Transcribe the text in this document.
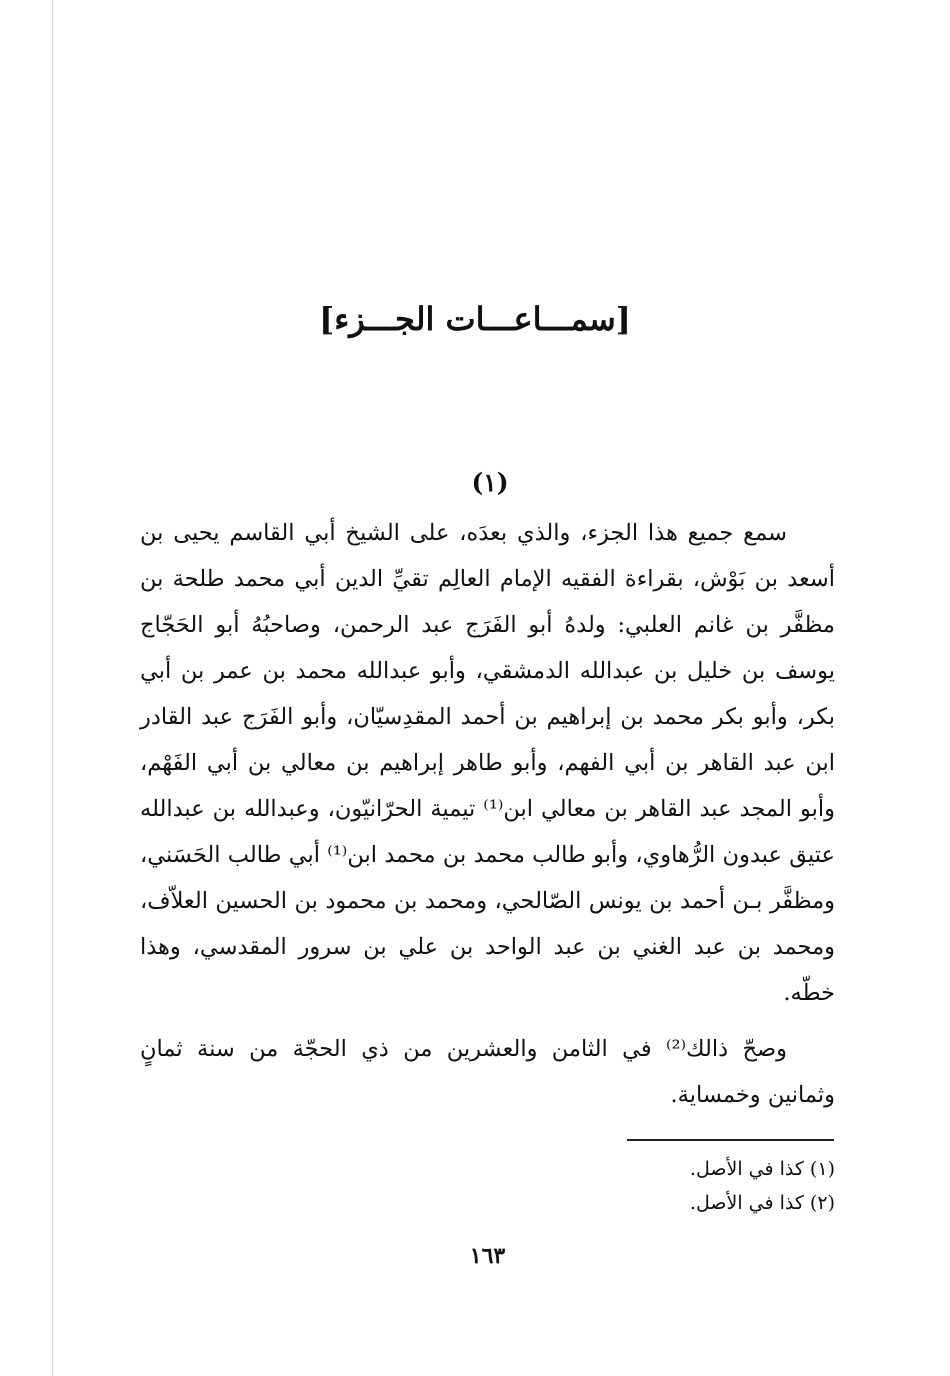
[سمـــاعـــات الجـــزء]
(١)

سمع جميع هذا الجزء، والذي بعدَه، على الشيخ أبي القاسم يحيى بن أسعد بن بَوْش، بقراءة الفقيه الإمام العالِم تقيِّ الدين أبي محمد طلحة بن مظفَّر بن غانم العلبي: ولدهُ أبو الفَرَج عبد الرحمن، وصاحبُهُ أبو الحَجّاج يوسف بن خليل بن عبدالله الدمشقي، وأبو عبدالله محمد بن عمر بن أبي بكر، وأبو بكر محمد بن إبراهيم بن أحمد المقدِسيّان، وأبو الفَرَج عبد القادر ابن عبد القاهر بن أبي الفهم، وأبو طاهر إبراهيم بن معالي بن أبي الفَهْم، وأبو المجد عبد القاهر بن معالي ابن⁽¹⁾ تيمية الحرّانيّون، وعبدالله بن عبدالله عتيق عبدون الرُّهاوي، وأبو طالب محمد بن محمد ابن⁽¹⁾ أبي طالب الحَسَني، ومظفَّر بـن أحمد بن يونس الصّالحي، ومحمد بن محمود بن الحسين العلاّف، ومحمد بن عبد الغني بن عبد الواحد بن علي بن سرور المقدسي، وهذا خطّه.

وصحّ ذالك⁽²⁾ في الثامن والعشرين من ذي الحجّة من سنة ثمانٍ وثمانين وخمساية.

(١) كذا في الأصل.
(٢) كذا في الأصل.
١٦٣
